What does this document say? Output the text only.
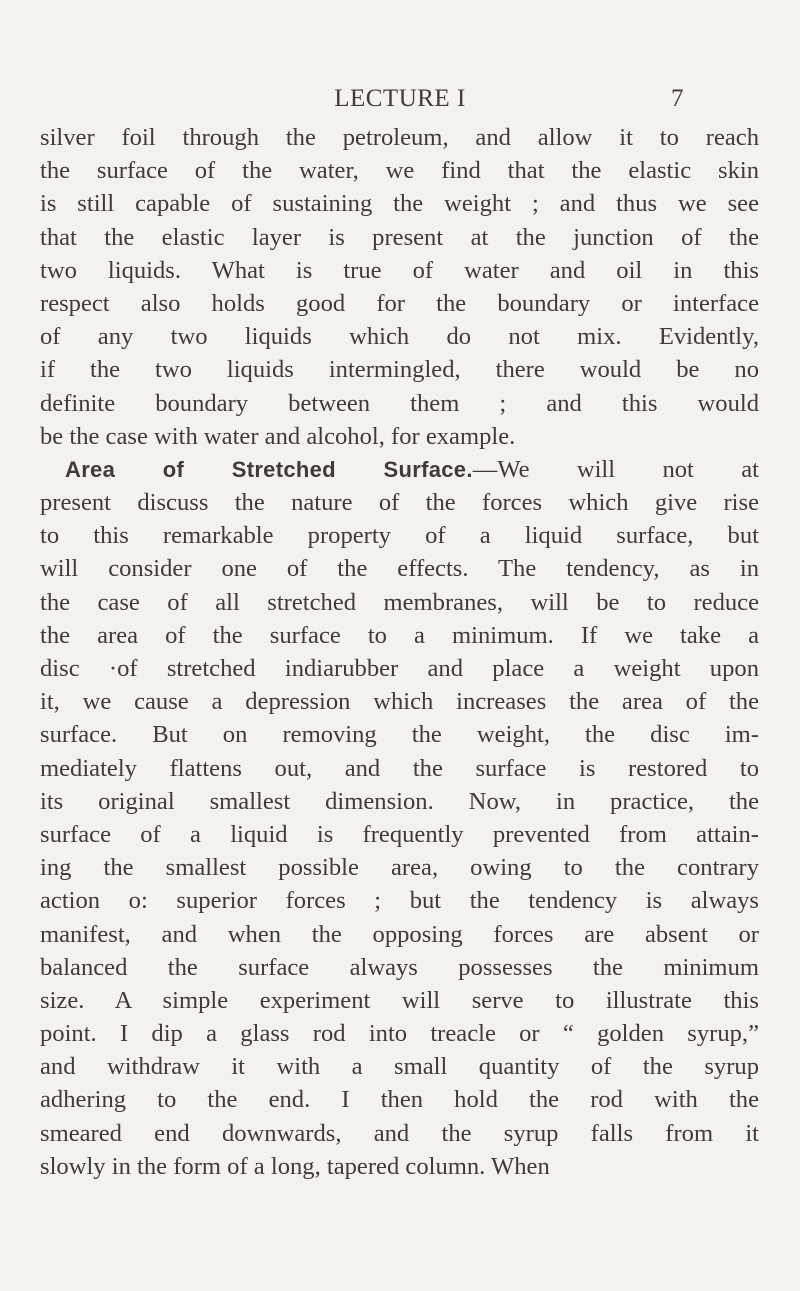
LECTURE I	7
silver foil through the petroleum, and allow it to reach
the surface of the water, we find that the elastic skin
is still capable of sustaining the weight ; and thus we see
that the elastic layer is present at the junction of the
two liquids. What is true of water and oil in this
respect also holds good for the boundary or interface
of any two liquids which do not mix. Evidently,
if the two liquids intermingled, there would be no
definite boundary between them ; and this would
be the case with water and alcohol, for example.
Area of Stretched Surface.—We will not at
present discuss the nature of the forces which give rise
to this remarkable property of a liquid surface, but
will consider one of the effects. The tendency, as in
the case of all stretched membranes, will be to reduce
the area of the surface to a minimum. If we take a
disc ·of stretched indiarubber and place a weight upon
it, we cause a depression which increases the area of the
surface. But on removing the weight, the disc im-
mediately flattens out, and the surface is restored to
its original smallest dimension. Now, in practice, the
surface of a liquid is frequently prevented from attain-
ing the smallest possible area, owing to the contrary
action o: superior forces ; but the tendency is always
manifest, and when the opposing forces are absent or
balanced the surface always possesses the minimum
size. A simple experiment will serve to illustrate this
point. I dip a glass rod into treacle or “ golden syrup,”
and withdraw it with a small quantity of the syrup
adhering to the end. I then hold the rod with the
smeared end downwards, and the syrup falls from it
slowly in the form of a long, tapered column. When
